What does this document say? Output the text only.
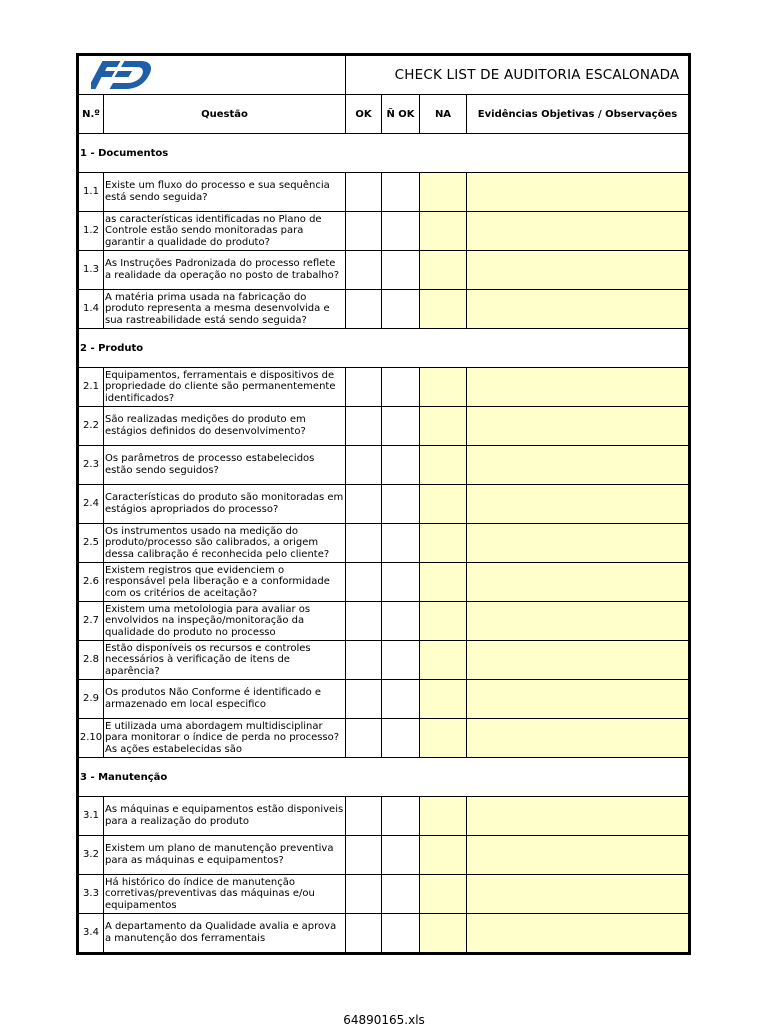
	CHECK LIST DE AUDITORIA ESCALONADA			
N.º	Questão	OK	Ñ OK	NA	Evidências Objetivas / Observações
1 - Documentos					
1.1	Existe um fluxo do processo e sua sequência está sendo seguida?				

1.2	as características identificadas no Plano de Controle estão sendo monitoradas para garantir a qualidade do produto?				

1.3	As Instruções Padronizada do processo reflete a realidade da operação no posto de trabalho?				

1.4	A matéria prima usada na fabricação do produto representa a mesma desenvolvida e sua rastreabilidade está sendo seguida?				

2 - Produto					
2.1	Equipamentos, ferramentais e dispositivos de propriedade do cliente são permanentemente identificados?				

2.2	São realizadas medições do produto em estágios definidos do desenvolvimento?				

2.3	Os parâmetros de processo estabelecidos estão sendo seguidos?				

2.4	Características do produto são monitoradas em estágios apropriados do processo?				

2.5	Os instrumentos usado na medição do produto/processo são calibrados, a origem dessa calibração é reconhecida pelo cliente?				

2.6	Existem registros que evidenciem o responsável pela liberação e a conformidade com os critérios de aceitação?				

2.7	Existem uma metolologia para avaliar os envolvidos na inspeção/monitoração da qualidade do produto no processo				

2.8	Estão disponíveis os recursos e controles necessários à verificação de itens de aparência?				

2.9	Os produtos Não Conforme é identificado e armazenado em local especifico				

2.10	É utilizada uma abordagem multidisciplinar para monitorar o índice de perda no processo? As ações estabelecidas são				

3 - Manutenção					
3.1	As máquinas e equipamentos estão disponiveis para a realização do produto				

3.2	Existem um plano de manutenção preventiva para as máquinas e equipamentos?				

3.3	Há histórico do índice de manutenção corretivas/preventivas das máquinas e/ou equipamentos				

3.4	A departamento da Qualidade avalia e aprova a manutenção dos ferramentais				

64890165.xls
